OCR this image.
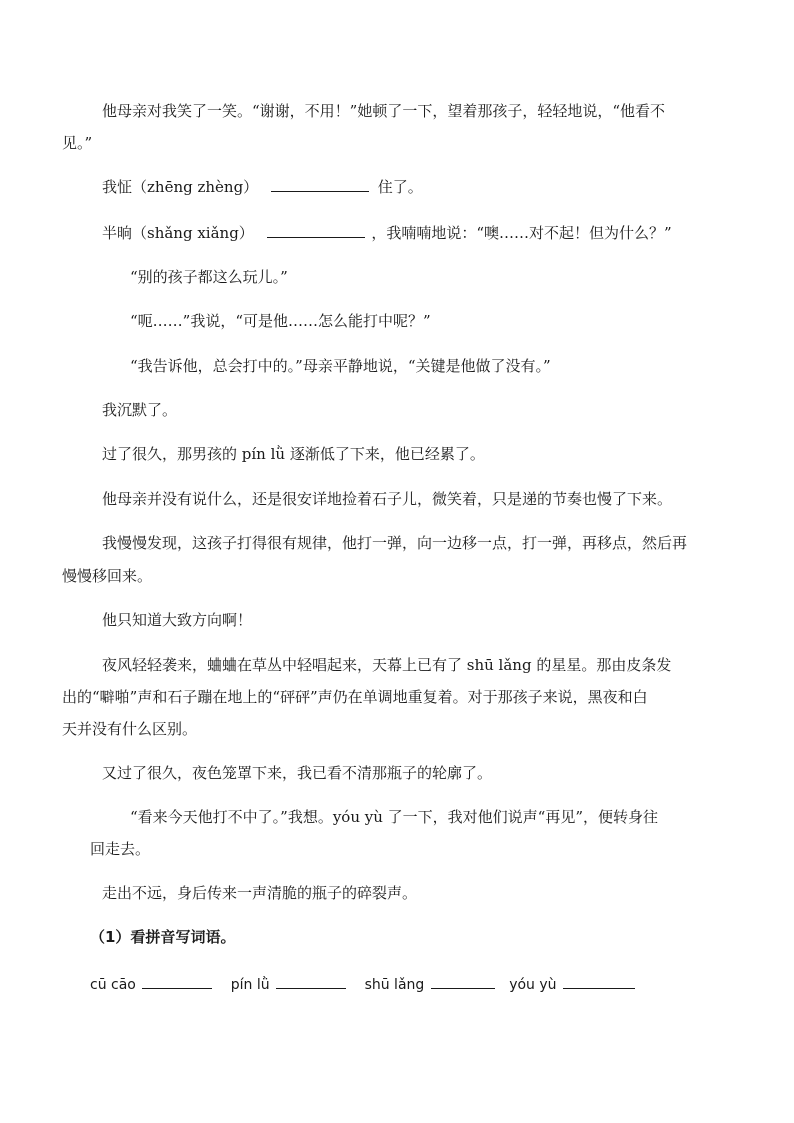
他母亲对我笑了一笑。“谢谢，不用！”她顿了一下，望着那孩子，轻轻地说，“他看不
见。”
我怔（zhēng zhèng）	住了。
半晌（shǎng xiǎng）	，我喃喃地说：“噢……对不起！但为什么？”
“别的孩子都这么玩儿。”
“呃……”我说，“可是他……怎么能打中呢？”
“我告诉他，总会打中的。”母亲平静地说，“关键是他做了没有。”
我沉默了。
过了很久，那男孩的 pín lǜ 逐渐低了下来，他已经累了。
他母亲并没有说什么，还是很安详地捡着石子儿，微笑着，只是递的节奏也慢了下来。
我慢慢发现，这孩子打得很有规律，他打一弹，向一边移一点，打一弹，再移点，然后再
慢慢移回来。
他只知道大致方向啊！
夜风轻轻袭来，蛐蛐在草丛中轻唱起来，天幕上已有了 shū lǎng 的星星。那由皮条发
出的“噼啪”声和石子蹦在地上的“砰砰”声仍在单调地重复着。对于那孩子来说，黑夜和白
天并没有什么区别。
又过了很久，夜色笼罩下来，我已看不清那瓶子的轮廓了。
“看来今天他打不中了。”我想。yóu yù 了一下，我对他们说声“再见”，便转身往
回走去。
走出不远，身后传来一声清脆的瓶子的碎裂声。
（1）看拼音写词语。
cū cāo	pín lǜ	shū lǎng	yóu yù
